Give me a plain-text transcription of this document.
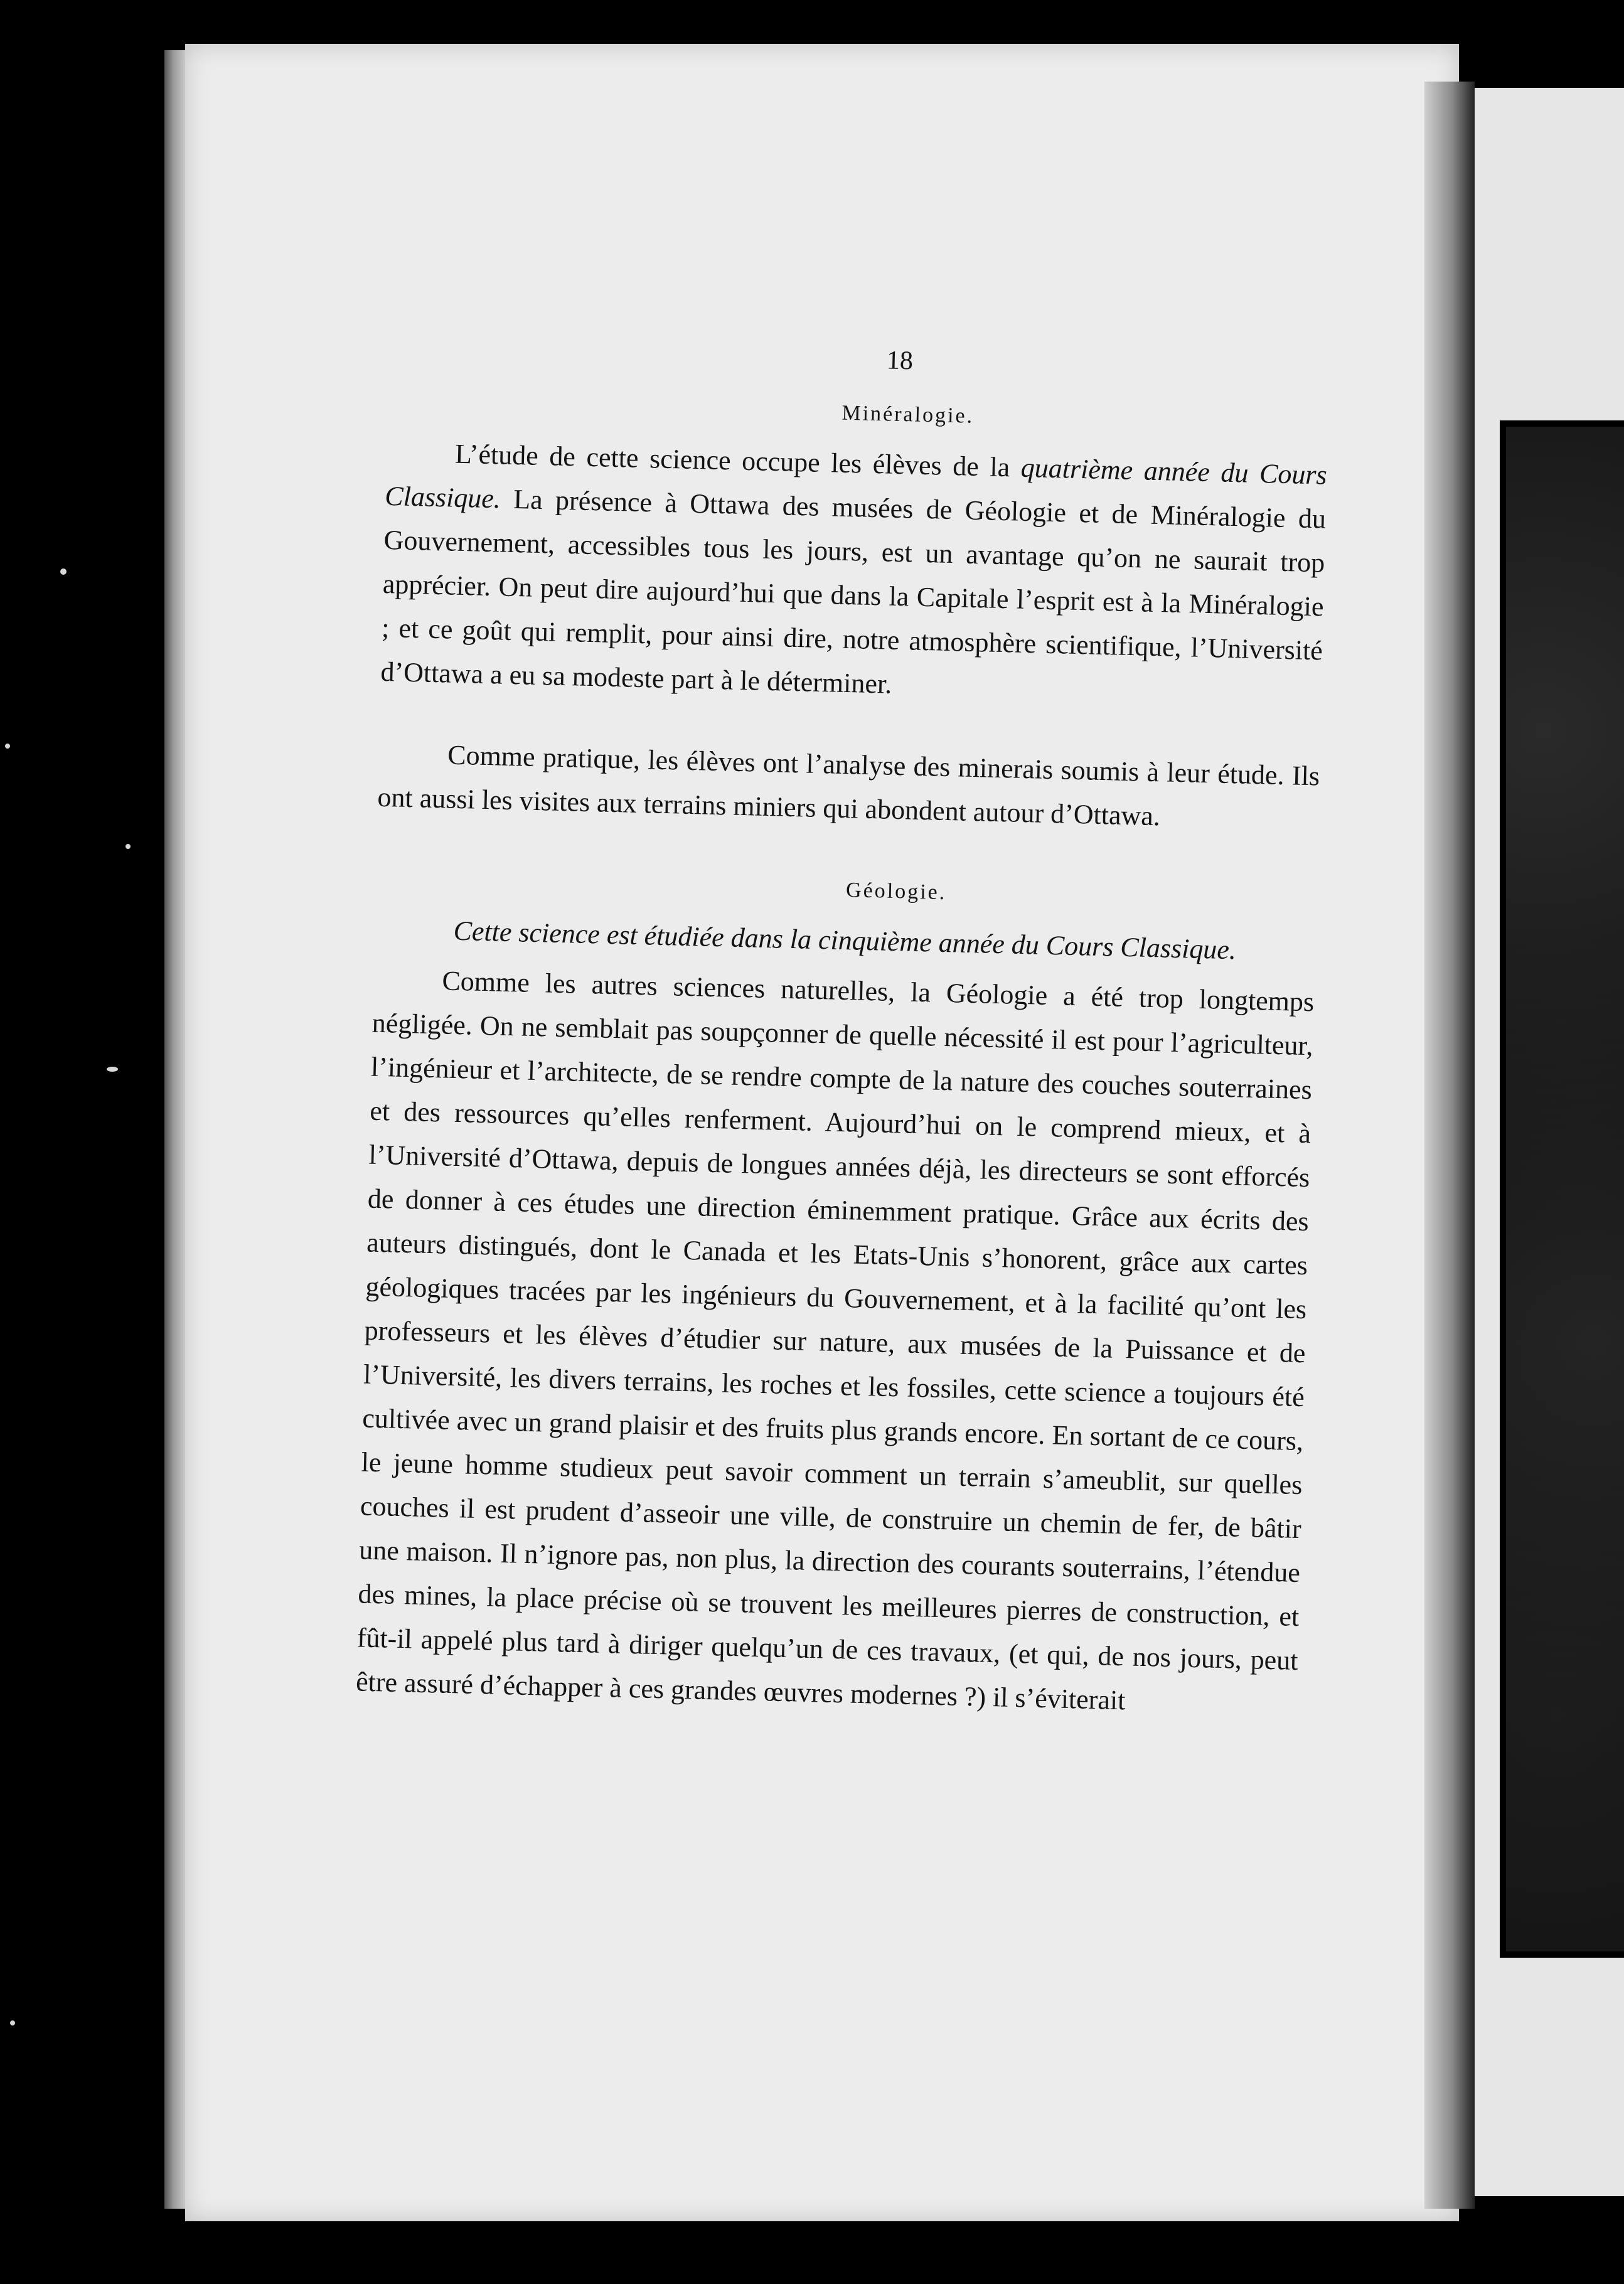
18
Minéralogie.

L’étude de cette science occupe les élèves de la quatrième année du Cours Classique. La présence à Ottawa des musées de Géologie et de Minéralogie du Gouvernement, accessibles tous les jours, est un avantage qu’on ne saurait trop apprécier. On peut dire aujourd’hui que dans la Capitale l’esprit est à la Minéralogie ; et ce goût qui remplit, pour ainsi dire, notre atmosphère scientifique, l’Université d’Ottawa a eu sa modeste part à le déterminer.

Comme pratique, les élèves ont l’analyse des minerais soumis à leur étude. Ils ont aussi les visites aux terrains miniers qui abondent autour d’Ottawa.

Géologie.
Cette science est étudiée dans la cinquième année du Cours Classique.

Comme les autres sciences naturelles, la Géologie a été trop longtemps négligée. On ne semblait pas soupçonner de quelle nécessité il est pour l’agriculteur, l’ingénieur et l’architecte, de se rendre compte de la nature des couches souterraines et des ressources qu’elles renferment. Aujourd’hui on le comprend mieux, et à l’Université d’Ottawa, depuis de longues années déjà, les directeurs se sont efforcés de donner à ces études une direction éminemment pratique. Grâce aux écrits des auteurs distingués, dont le Canada et les Etats-Unis s’honorent, grâce aux cartes géologiques tracées par les ingénieurs du Gouvernement, et à la facilité qu’ont les professeurs et les élèves d’étudier sur nature, aux musées de la Puissance et de l’Université, les divers terrains, les roches et les fossiles, cette science a toujours été cultivée avec un grand plaisir et des fruits plus grands encore. En sortant de ce cours, le jeune homme studieux peut savoir comment un terrain s’ameublit, sur quelles couches il est prudent d’asseoir une ville, de construire un chemin de fer, de bâtir une maison. Il n’ignore pas, non plus, la direction des courants souterrains, l’étendue des mines, la place précise où se trouvent les meilleures pierres de construction, et fût-il appelé plus tard à diriger quelqu’un de ces travaux, (et qui, de nos jours, peut être assuré d’échapper à ces grandes œuvres modernes ?) il s’éviterait
